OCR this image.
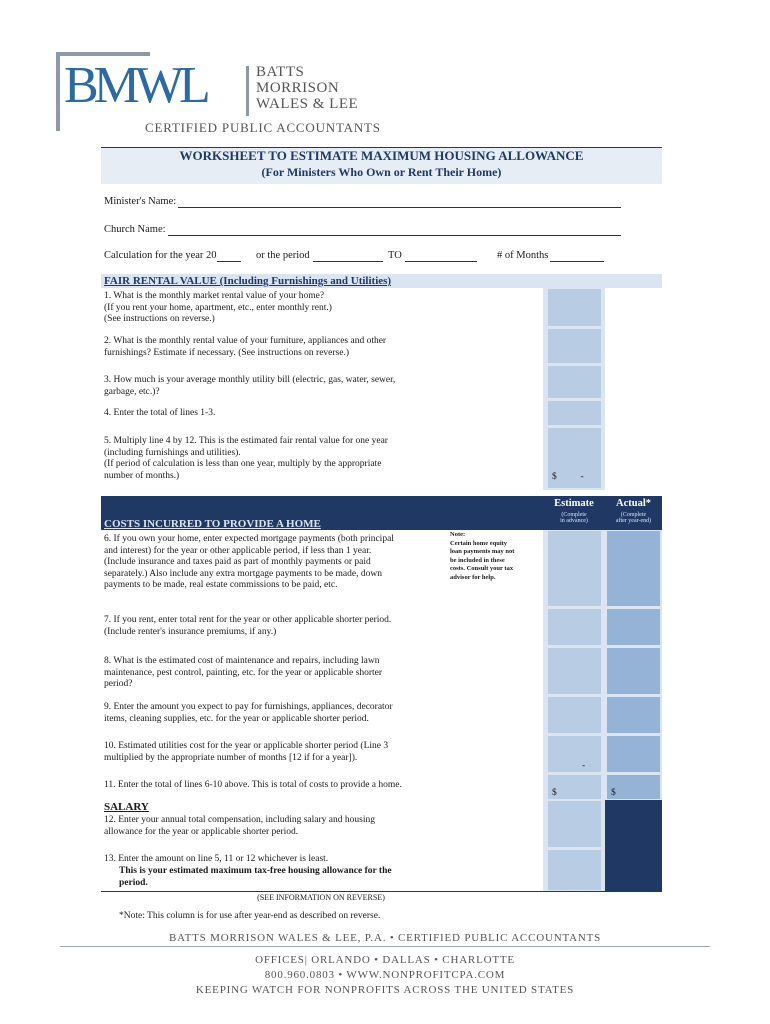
BMWL	BATTS
MORRISON
WALES & LEE
CERTIFIED PUBLIC ACCOUNTANTS
WORKSHEET TO ESTIMATE MAXIMUM HOUSING ALLOWANCE
(For Ministers Who Own or Rent Their Home)
Minister's Name:
Church Name:
Calculation for the year 20	or the period	TO	# of Months
FAIR RENTAL VALUE (Including Furnishings and Utilities)
1. What is the monthly market rental value of your home?
(If you rent your home, apartment, etc., enter monthly rent.)
(See instructions on reverse.)
2. What is the monthly rental value of your furniture, appliances and other
furnishings? Estimate if necessary. (See instructions on reverse.)
3. How much is your average monthly utility bill (electric, gas, water, sewer,
garbage, etc.)?
4. Enter the total of lines 1-3.
5. Multiply line 4 by 12. This is the estimated fair rental value for one year
(including furnishings and utilities).
(If period of calculation is less than one year, multiply by the appropriate
number of months.)	$          -
Estimate
(Complete
in advance)
Actual*
(Complete
after year-end)
COSTS INCURRED TO PROVIDE A HOME
6. If you own your home, enter expected mortgage payments (both principal
and interest) for the year or other applicable period, if less than 1 year.
(Include insurance and taxes paid as part of monthly payments or paid
separately.) Also include any extra mortgage payments to be made, down
payments to be made, real estate commissions to be paid, etc.
Note:
Certain home equity
loan payments may not
be included in these
costs. Consult your tax
advisor for help.
7. If you rent, enter total rent for the year or other applicable shorter period.
(Include renter's insurance premiums, if any.)
8. What is the estimated cost of maintenance and repairs, including lawn
maintenance, pest control, painting, etc. for the year or applicable shorter
period?
9. Enter the amount you expect to pay for furnishings, appliances, decorator
items, cleaning supplies, etc. for the year or applicable shorter period.
10. Estimated utilities cost for the year or applicable shorter period (Line 3
multiplied by the appropriate number of months [12 if for a year]).
-
11. Enter the total of lines 6-10 above. This is total of costs to provide a home.
$	$
SALARY
12. Enter your annual total compensation, including salary and housing
allowance for the year or applicable shorter period.
13. Enter the amount on line 5, 11 or 12 whichever is least.
This is your estimated maximum tax-free housing allowance for the
period.
(SEE INFORMATION ON REVERSE)
*Note: This column is for use after year-end as described on reverse.
BATTS MORRISON WALES & LEE, P.A. • CERTIFIED PUBLIC ACCOUNTANTS
OFFICES| ORLANDO • DALLAS • CHARLOTTE
800.960.0803 • WWW.NONPROFITCPA.COM
KEEPING WATCH FOR NONPROFITS ACROSS THE UNITED STATES
